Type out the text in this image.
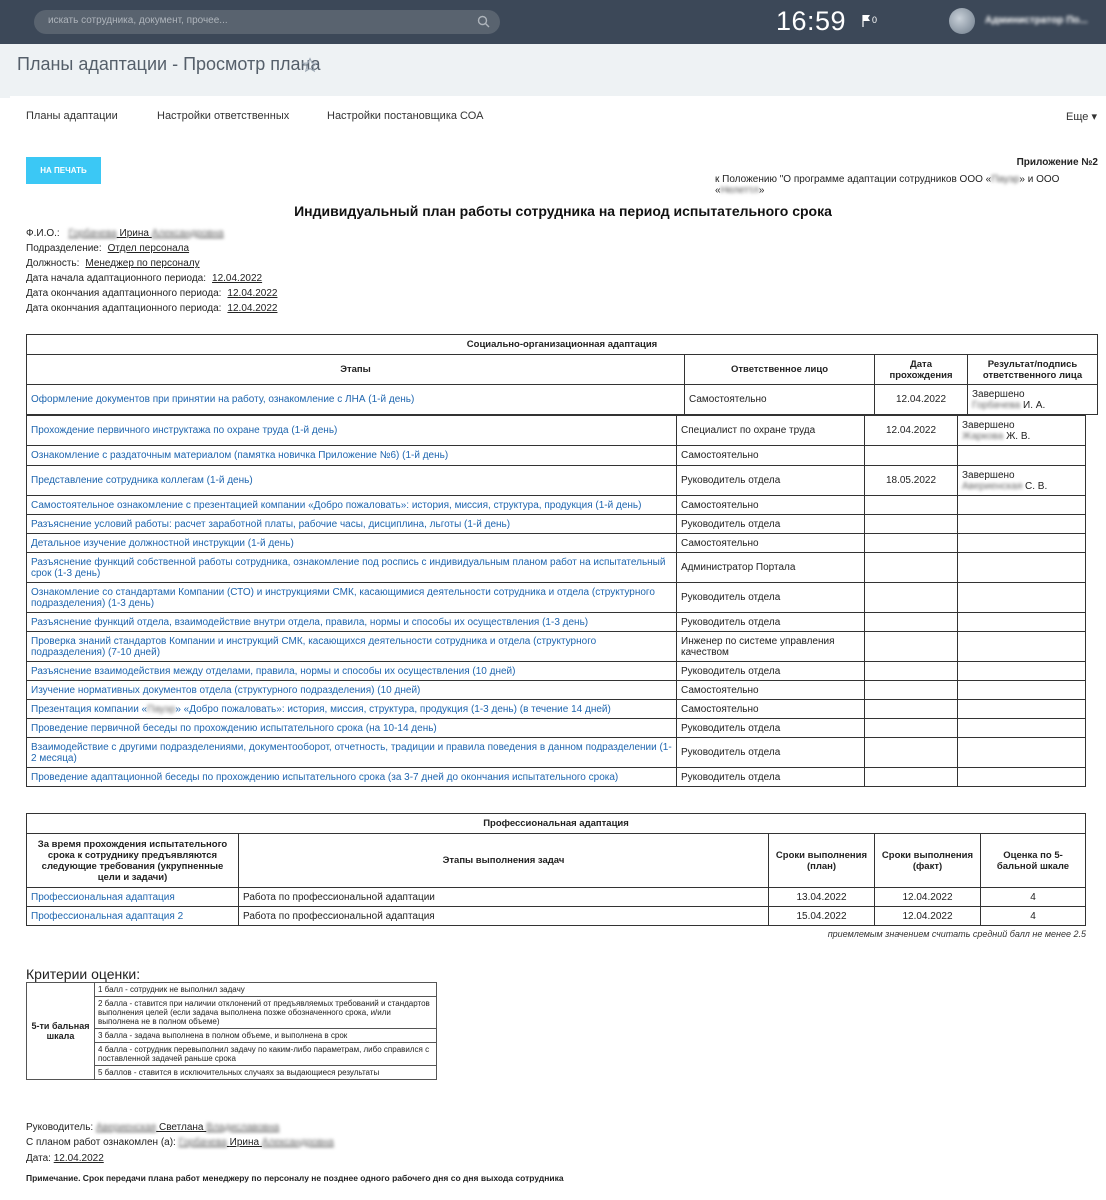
искать сотрудника, документ, прочее...	16:59	0	Администратор По...
Планы адаптации - Просмотр плана
Планы адаптации	Настройки ответственных	Настройки постановщика СОА	Еще ▾
НА ПЕЧАТЬ
Приложение №2
к Положению "О программе адаптации сотрудников ООО «Пауэр» и ООО «Нелеттл»
Индивидуальный план работы сотрудника на период испытательного срока
Ф.И.О.: Горбачева Ирина Александровна
Подразделение: Отдел персонала
Должность: Менеджер по персоналу
Дата начала адаптационного периода: 12.04.2022
Дата окончания адаптационного периода: 12.04.2022
Дата окончания адаптационного периода: 12.04.2022
Социально-организационная адаптация			
Этапы	Ответственное лицо	Дата прохождения	Результат/подпись ответственного лица
Оформление документов при принятии на работу, ознакомление с ЛНА (1-й день)	Самостоятельно	12.04.2022	Завершено
Горбачева И. А.
Прохождение первичного инструктажа по охране труда (1-й день)	Специалист по охране труда	12.04.2022	Завершено
Жаркова Ж. В.
Ознакомление с раздаточным материалом (памятка новичка Приложение №6) (1-й день)	Самостоятельно		
Представление сотрудника коллегам (1-й день)	Руководитель отдела	18.05.2022	Завершено
Авериенская С. В.
Самостоятельное ознакомление с презентацией компании «Добро пожаловать»: история, миссия, структура, продукция (1-й день)	Самостоятельно		
Разъяснение условий работы: расчет заработной платы, рабочие часы, дисциплина, льготы (1-й день)	Руководитель отдела		
Детальное изучение должностной инструкции (1-й день)	Самостоятельно		
Разъяснение функций собственной работы сотрудника, ознакомление под роспись с индивидуальным планом работ на испытательный срок (1-3 день)	Администратор Портала		
Ознакомление со стандартами Компании (СТО) и инструкциями СМК, касающимися деятельности сотрудника и отдела (структурного подразделения) (1-3 день)	Руководитель отдела		
Разъяснение функций отдела, взаимодействие внутри отдела, правила, нормы и способы их осуществления (1-3 день)	Руководитель отдела		
Проверка знаний стандартов Компании и инструкций СМК, касающихся деятельности сотрудника и отдела (структурного подразделения) (7-10 дней)	Инженер по системе управления качеством		
Разъяснение взаимодействия между отделами, правила, нормы и способы их осуществления (10 дней)	Руководитель отдела		
Изучение нормативных документов отдела (структурного подразделения) (10 дней)	Самостоятельно		
Презентация компании «Пауэр» «Добро пожаловать»: история, миссия, структура, продукция (1-3 день) (в течение 14 дней)	Самостоятельно		
Проведение первичной беседы по прохождению испытательного срока (на 10-14 день)	Руководитель отдела		
Взаимодействие с другими подразделениями, документооборот, отчетность, традиции и правила поведения в данном подразделении (1-2 месяца)	Руководитель отдела		
Проведение адаптационной беседы по прохождению испытательного срока (за 3-7 дней до окончания испытательного срока)	Руководитель отдела		
Профессиональная адаптация				
За время прохождения испытательного срока к сотруднику предъявляются следующие требования (укрупненные цели и задачи)	Этапы выполнения задач	Сроки выполнения (план)	Сроки выполнения (факт)	Оценка по 5-бальной шкале
Профессиональная адаптация	Работа по профессиональной адаптации	13.04.2022	12.04.2022	4
Профессиональная адаптация 2	Работа по профессиональной адаптация	15.04.2022	12.04.2022	4
приемлемым значением считать средний балл не менее 2.5
Критерии оценки:
5-ти бальная шкала	1 балл - сотрудник не выполнил задачу
2 балла - ставится при наличии отклонений от предъявляемых требований и стандартов выполнения целей (если задача выполнена позже обозначенного срока, и/или выполнена не в полном объеме)
3 балла - задача выполнена в полном объеме, и выполнена в срок
4 балла - сотрудник перевыполнил задачу по каким-либо параметрам, либо справился с поставленной задачей раньше срока
5 баллов - ставится в исключительных случаях за выдающиеся результаты
Руководитель: Авериенская Светлана Владиславовна
С планом работ ознакомлен (а): Горбачева Ирина Александровна
Дата: 12.04.2022
Примечание. Срок передачи плана работ менеджеру по персоналу не позднее одного рабочего дня со дня выхода сотрудника
